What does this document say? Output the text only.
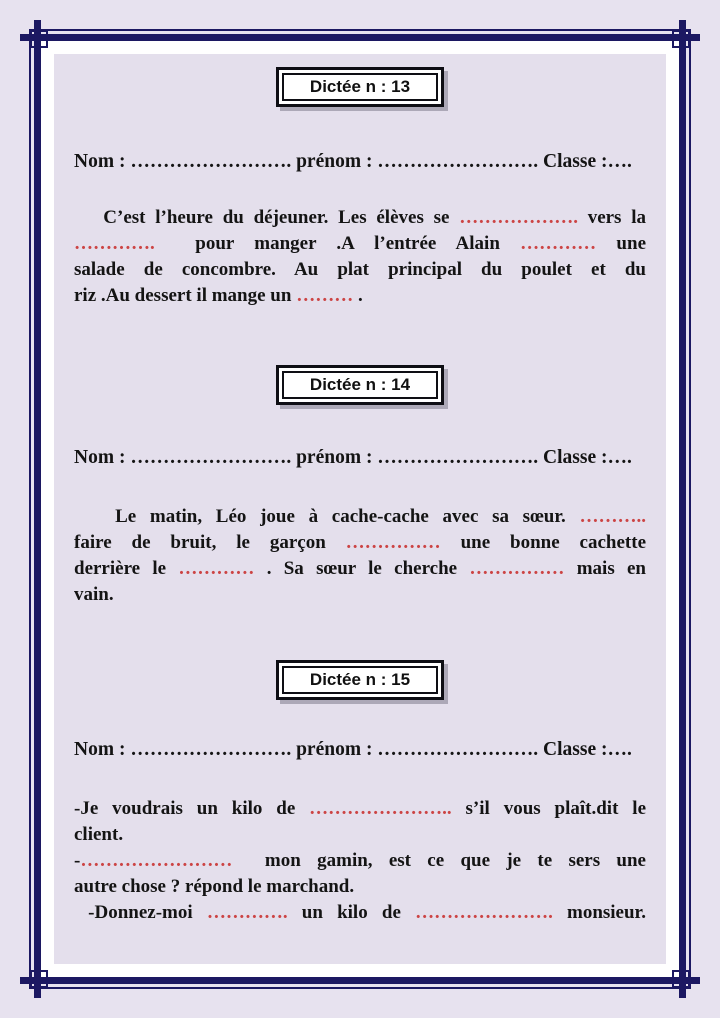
Dictée n : 13
Nom : ……………………. prénom : ……………………. Classe :….
C’est l’heure du déjeuner. Les élèves se ………………. vers la
………….  pour manger .A l’entrée Alain ………… une
salade de concombre. Au plat principal du poulet et du
riz .Au dessert il mange un ……… .
Dictée n : 14
Nom : ……………………. prénom : ……………………. Classe :….
Le matin, Léo joue à cache-cache avec sa sœur. ………..
faire de bruit, le garçon …………… une bonne cachette
derrière le ………… . Sa sœur le cherche …………… mais en
vain.
Dictée n : 15
Nom : ……………………. prénom : ……………………. Classe :….
-Je voudrais un kilo de ………………….. s’il vous plaît.dit le
client.
-……………………  mon gamin, est ce que je te sers une
autre chose ? répond le marchand.
-Donnez-moi …………. un kilo de …………………. monsieur.
